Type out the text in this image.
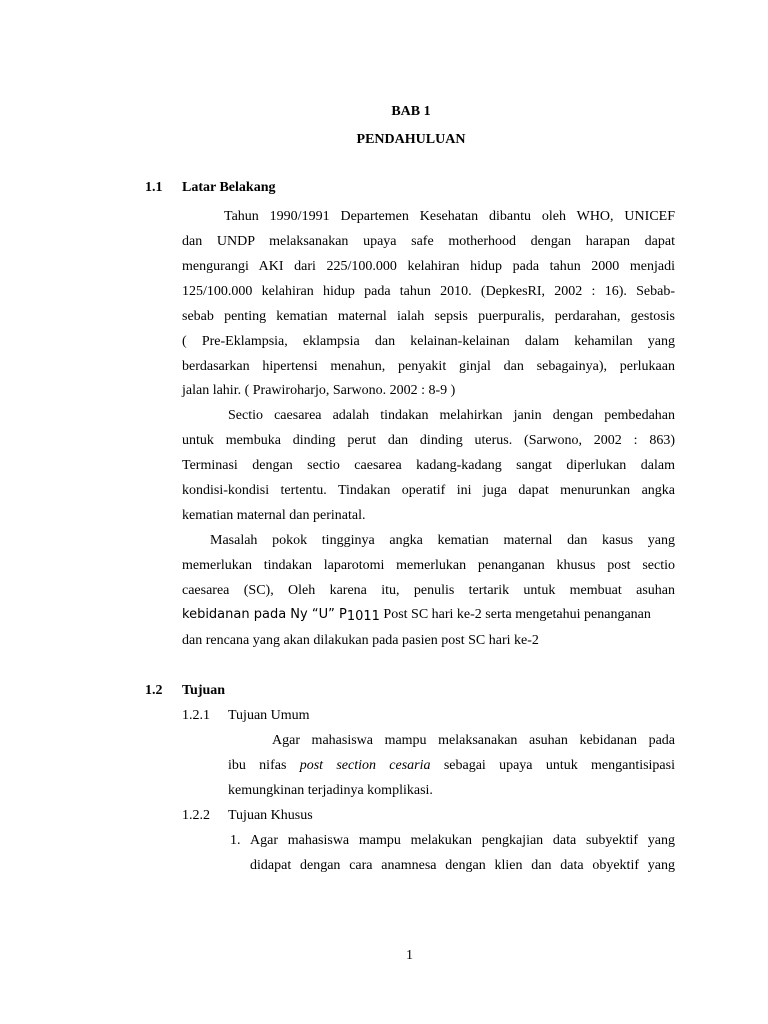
BAB 1
PENDAHULUAN
1.1 Latar Belakang
Tahun 1990/1991 Departemen Kesehatan dibantu oleh WHO, UNICEF
dan UNDP melaksanakan upaya safe motherhood dengan harapan dapat
mengurangi AKI dari 225/100.000 kelahiran hidup pada tahun 2000 menjadi
125/100.000 kelahiran hidup pada tahun 2010. (DepkesRI, 2002 : 16). Sebab-
sebab penting kematian maternal ialah sepsis puerpuralis, perdarahan, gestosis
( Pre-Eklampsia, eklampsia dan kelainan-kelainan dalam kehamilan yang
berdasarkan hipertensi menahun, penyakit ginjal dan sebagainya), perlukaan
jalan lahir. ( Prawiroharjo, Sarwono. 2002 : 8-9 )
Sectio caesarea adalah tindakan melahirkan janin dengan pembedahan
untuk membuka dinding perut dan dinding uterus. (Sarwono, 2002 : 863)
Terminasi dengan sectio caesarea kadang-kadang sangat diperlukan dalam
kondisi-kondisi tertentu. Tindakan operatif ini juga dapat menurunkan angka
kematian maternal dan perinatal.
Masalah pokok tingginya angka kematian maternal dan kasus yang
memerlukan tindakan laparotomi memerlukan penanganan khusus post sectio
caesarea (SC), Oleh karena itu, penulis tertarik untuk membuat asuhan
kebidanan pada Ny “U” $P_{1011}$ Post SC hari ke-2 serta mengetahui penanganan
dan rencana yang akan dilakukan pada pasien post SC hari ke-2
1.2 Tujuan
1.2.1 Tujuan Umum
Agar mahasiswa mampu melaksanakan asuhan kebidanan pada
ibu nifas post section cesaria sebagai upaya untuk mengantisipasi
kemungkinan terjadinya komplikasi.
1.2.2 Tujuan Khusus
1. Agar mahasiswa mampu melakukan pengkajian data subyektif yang
didapat dengan cara anamnesa dengan klien dan data obyektif yang
1
